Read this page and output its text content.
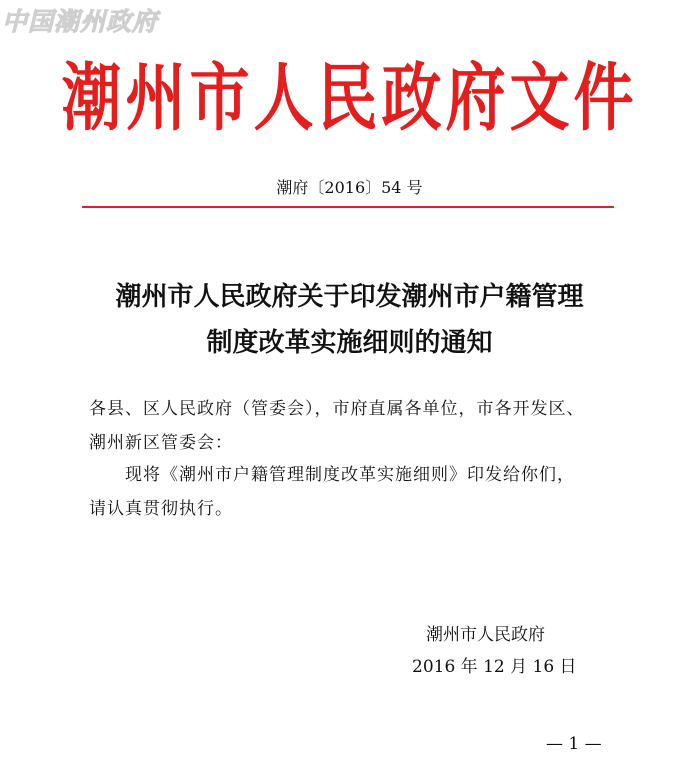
中国潮州政府
潮州市人民政府文件
潮府〔2016〕54 号
潮州市人民政府关于印发潮州市户籍管理
制度改革实施细则的通知
各县、区人民政府（管委会），市府直属各单位，市各开发区、
潮州新区管委会：
现将《潮州市户籍管理制度改革实施细则》印发给你们，
请认真贯彻执行。
潮州市人民政府
2016 年 12 月 16 日
— 1 —
